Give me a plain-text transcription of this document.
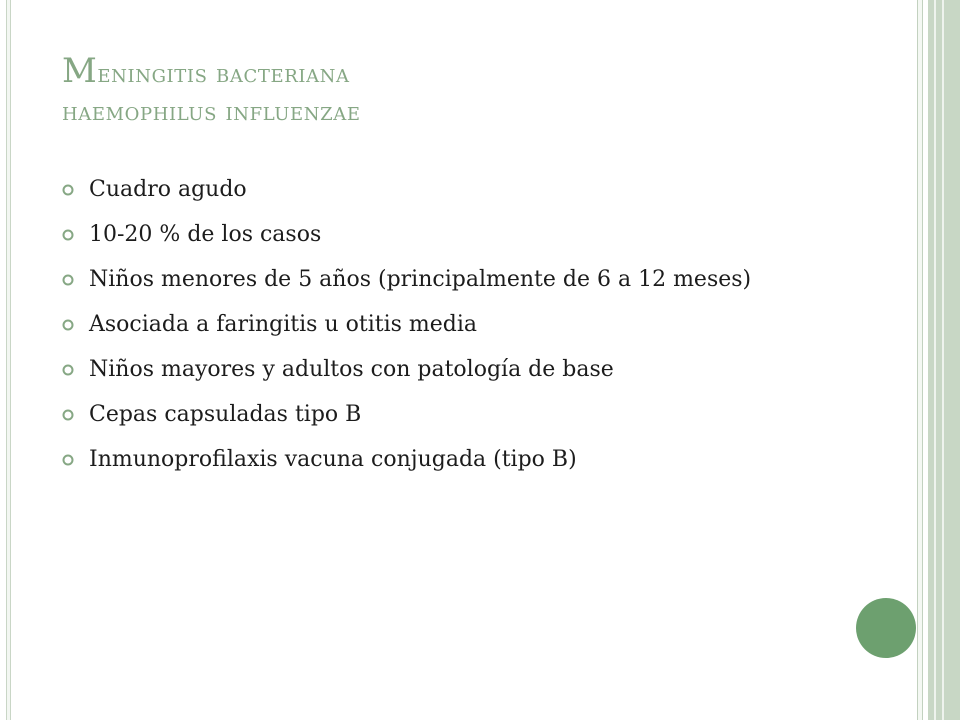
Meningitis bacteriana
haemophilus influenzae
Cuadro agudo
10-20 % de los casos
Niños menores de 5 años (principalmente de 6 a 12 meses)
Asociada a faringitis u otitis media
Niños mayores y adultos con patología de base
Cepas capsuladas tipo B
Inmunoprofilaxis vacuna conjugada (tipo B)
